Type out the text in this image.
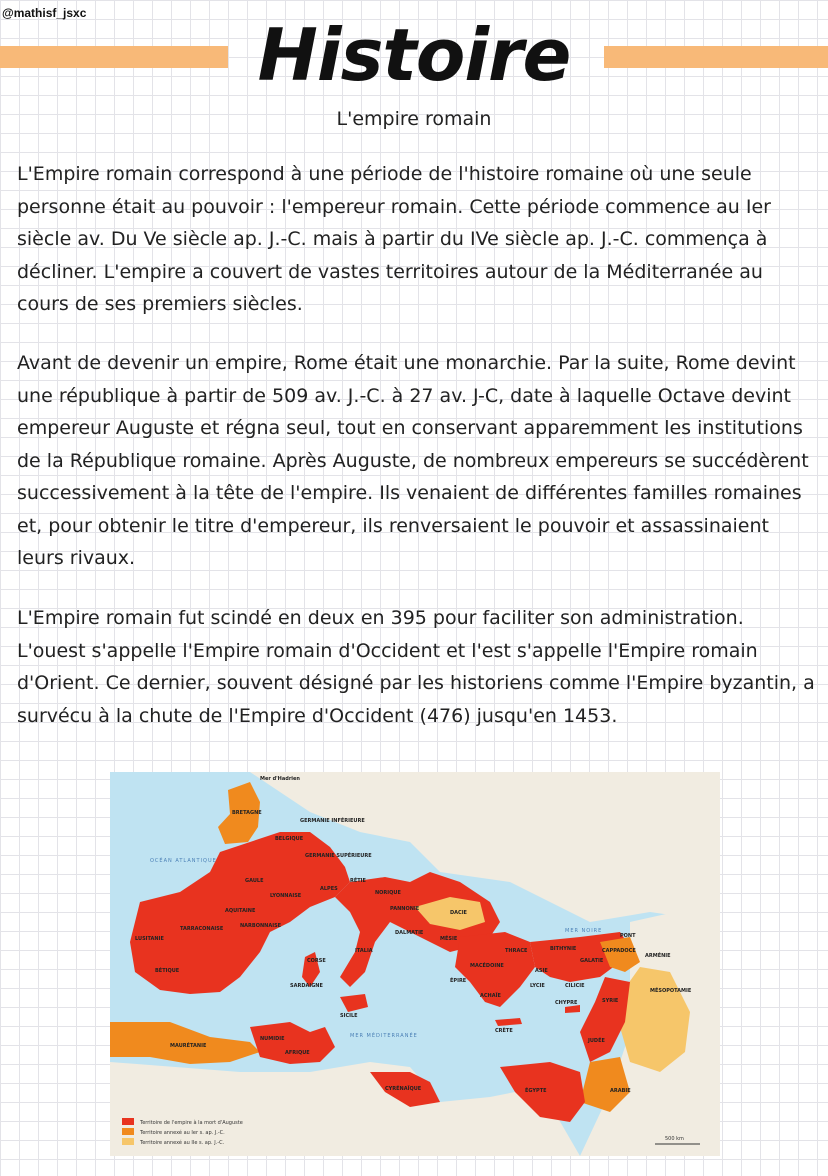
@mathisf_jsxc	Histoire
L'empire romain

L'Empire romain correspond à une période de l'histoire romaine où une seule personne était au pouvoir : l'empereur romain. Cette période commence au Ier siècle av. Du Ve siècle ap. J.-C. mais à partir du IVe siècle ap. J.-C. commença à décliner. L'empire a couvert de vastes territoires autour de la Méditerranée au cours de ses premiers siècles.

Avant de devenir un empire, Rome était une monarchie. Par la suite, Rome devint une république à partir de 509 av. J.-C. à 27 av. J-C, date à laquelle Octave devint empereur Auguste et régna seul, tout en conservant apparemment les institutions de la République romaine. Après Auguste, de nombreux empereurs se succédèrent successivement à la tête de l'empire. Ils venaient de différentes familles romaines et, pour obtenir le titre d'empereur, ils renversaient le pouvoir et assassinaient leurs rivaux.

L'Empire romain fut scindé en deux en 395 pour faciliter son administration. L'ouest s'appelle l'Empire romain d'Occident et l'est s'appelle l'Empire romain d'Orient. Ce dernier, souvent désigné par les historiens comme l'Empire byzantin, a survécu à la chute de l'Empire d'Occident (476) jusqu'en 1453.

Mer d'Hadrien
OCÉAN ATLANTIQUE
MER MÉDITERRANÉE
MER NOIRE
BRETAGNE
BELGIQUE
GERMANIE INFÉRIEURE
GERMANIE SUPÉRIEURE
GAULE
LYONNAISE
AQUITAINE
NARBONNAISE
RÉTIE
NORIQUE
DACIE
PANNONIE
DALMATIE
MÉSIE
THRACE
MACÉDOINE
ÉPIRE
ACHAÏE
ITALIA
CORSE
SARDAIGNE
SICILE
LUSITANIE
TARRACONAISE
BÉTIQUE
MAURÉTANIE
NUMIDIE
AFRIQUE
CYRÉNAÏQUE	ÉGYPTE
ASIE
BITHYNIE
GALATIE
CAPPADOCE
PONT
ARMÉNIE
MÉSOPOTAMIE
SYRIE
JUDÉE
ARABIE
CHYPRE
CRÈTE
LYCIE	CILICIE
ALPES
Territoire de l'empire à la mort d'Auguste
Territoire annexé au Ier s. ap. J.-C.
Territoire annexé au IIe s. ap. J.-C.
500 km
